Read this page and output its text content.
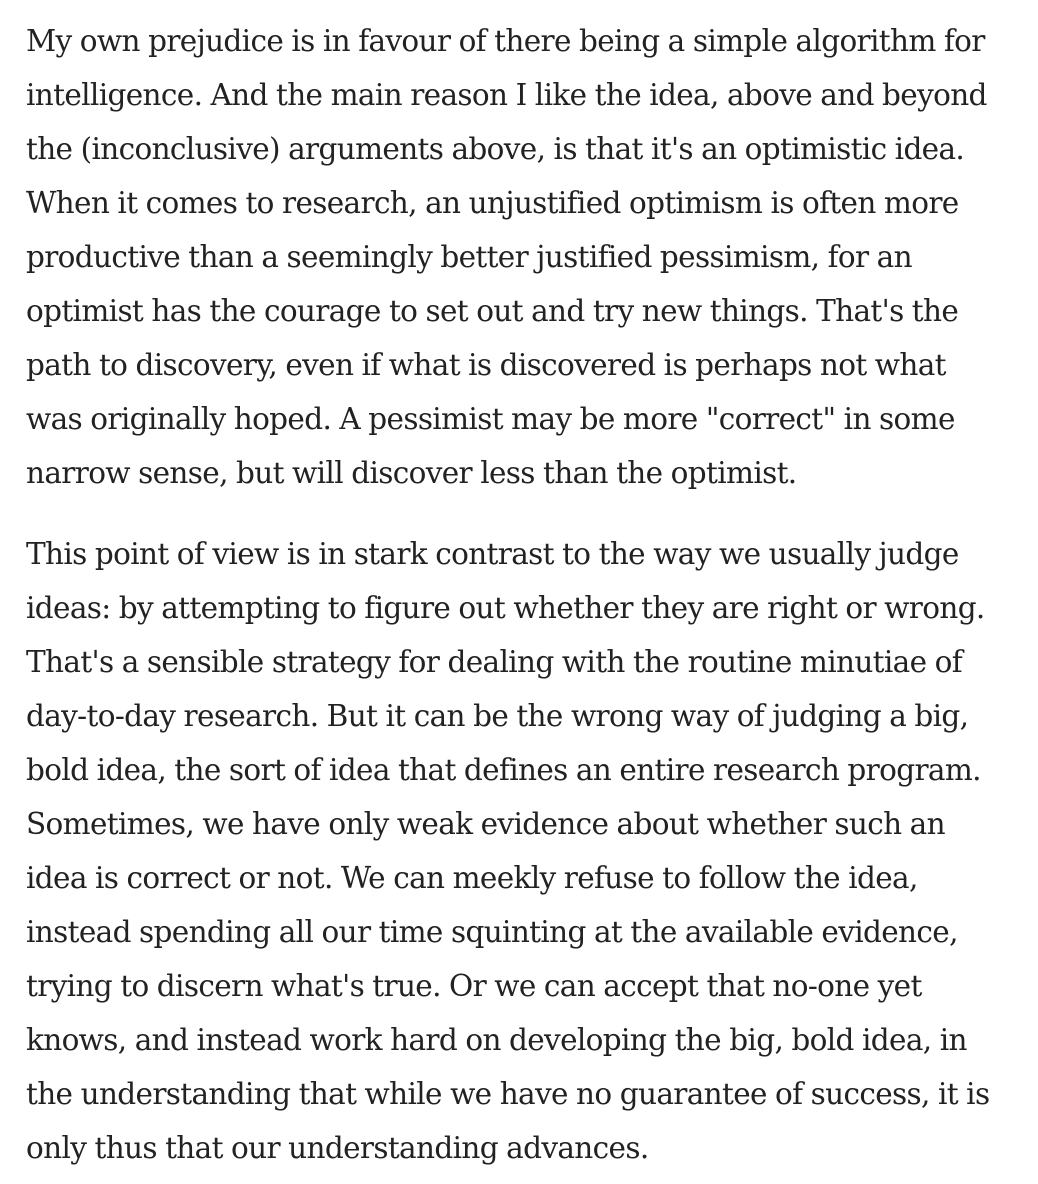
My own prejudice is in favour of there being a simple algorithm for
intelligence. And the main reason I like the idea, above and beyond
the (inconclusive) arguments above, is that it's an optimistic idea.
When it comes to research, an unjustified optimism is often more
productive than a seemingly better justified pessimism, for an
optimist has the courage to set out and try new things. That's the
path to discovery, even if what is discovered is perhaps not what
was originally hoped. A pessimist may be more "correct" in some
narrow sense, but will discover less than the optimist.

This point of view is in stark contrast to the way we usually judge
ideas: by attempting to figure out whether they are right or wrong.
That's a sensible strategy for dealing with the routine minutiae of
day-to-day research. But it can be the wrong way of judging a big,
bold idea, the sort of idea that defines an entire research program.
Sometimes, we have only weak evidence about whether such an
idea is correct or not. We can meekly refuse to follow the idea,
instead spending all our time squinting at the available evidence,
trying to discern what's true. Or we can accept that no-one yet
knows, and instead work hard on developing the big, bold idea, in
the understanding that while we have no guarantee of success, it is
only thus that our understanding advances.
